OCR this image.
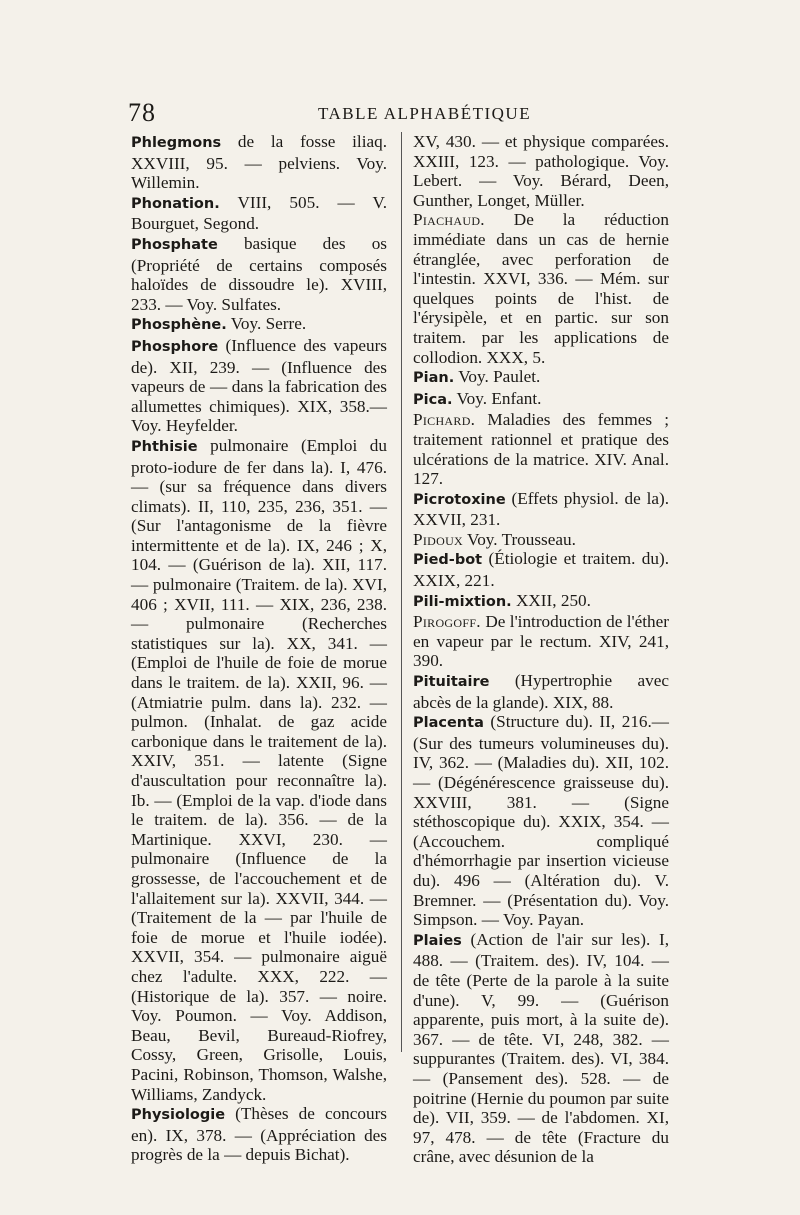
78	TABLE ALPHABÉTIQUE

Phlegmons de la fosse iliaq. XXVIII, 95. — pelviens. Voy. Willemin.

Phonation. VIII, 505. — V. Bourguet, Segond.

Phosphate basique des os (Propriété de certains composés haloïdes de dissoudre le). XVIII, 233. — Voy. Sulfates.

Phosphène. Voy. Serre.

Phosphore (Influence des vapeurs de). XII, 239. — (Influence des vapeurs de — dans la fabrication des allumettes chimiques). XIX, 358.— Voy. Heyfelder.

Phthisie pulmonaire (Emploi du proto-iodure de fer dans la). I, 476. — (sur sa fréquence dans divers climats). II, 110, 235, 236, 351. — (Sur l'antagonisme de la fièvre intermittente et de la). IX, 246 ; X, 104. — (Guérison de la). XII, 117. — pulmonaire (Traitem. de la). XVI, 406 ; XVII, 111. — XIX, 236, 238. — pulmonaire (Recherches statistiques sur la). XX, 341. — (Emploi de l'huile de foie de morue dans le traitem. de la). XXII, 96. — (Atmiatrie pulm. dans la). 232. — pulmon. (Inhalat. de gaz acide carbonique dans le traitement de la). XXIV, 351. — latente (Signe d'auscultation pour reconnaître la). Ib. — (Emploi de la vap. d'iode dans le traitem. de la). 356. — de la Martinique. XXVI, 230. — pulmonaire (Influence de la grossesse, de l'accouchement et de l'allaitement sur la). XXVII, 344. — (Traitement de la — par l'huile de foie de morue et l'huile iodée). XXVII, 354. — pulmonaire aiguë chez l'adulte. XXX, 222. — (Historique de la). 357. — noire. Voy. Poumon. — Voy. Addison, Beau, Bevil, Bureaud-Riofrey, Cossy, Green, Grisolle, Louis, Pacini, Robinson, Thomson, Walshe, Williams, Zandyck.

Physiologie (Thèses de concours en). IX, 378. — (Appréciation des progrès de la — depuis Bichat).

XV, 430. — et physique comparées. XXIII, 123. — pathologique. Voy. Lebert. — Voy. Bérard, Deen, Gunther, Longet, Müller.

Piachaud. De la réduction immédiate dans un cas de hernie étranglée, avec perforation de l'intestin. XXVI, 336. — Mém. sur quelques points de l'hist. de l'érysipèle, et en partic. sur son traitem. par les applications de collodion. XXX, 5.

Pian. Voy. Paulet.

Pica. Voy. Enfant.

Pichard. Maladies des femmes ; traitement rationnel et pratique des ulcérations de la matrice. XIV. Anal. 127.

Picrotoxine (Effets physiol. de la). XXVII, 231.

Pidoux Voy. Trousseau.

Pied-bot (Étiologie et traitem. du). XXIX, 221.

Pili-mixtion. XXII, 250.

Pirogoff. De l'introduction de l'éther en vapeur par le rectum. XIV, 241, 390.

Pituitaire (Hypertrophie avec abcès de la glande). XIX, 88.

Placenta (Structure du). II, 216.— (Sur des tumeurs volumineuses du). IV, 362. — (Maladies du). XII, 102. — (Dégénérescence graisseuse du). XXVIII, 381. — (Signe stéthoscopique du). XXIX, 354. — (Accouchem. compliqué d'hémorrhagie par insertion vicieuse du). 496 — (Altération du). V. Bremner. — (Présentation du). Voy. Simpson. — Voy. Payan.

Plaies (Action de l'air sur les). I, 488. — (Traitem. des). IV, 104. — de tête (Perte de la parole à la suite d'une). V, 99. — (Guérison apparente, puis mort, à la suite de). 367. — de tête. VI, 248, 382. — suppurantes (Traitem. des). VI, 384. — (Pansement des). 528. — de poitrine (Hernie du poumon par suite de). VII, 359. — de l'abdomen. XI, 97, 478. — de tête (Fracture du crâne, avec désunion de la
